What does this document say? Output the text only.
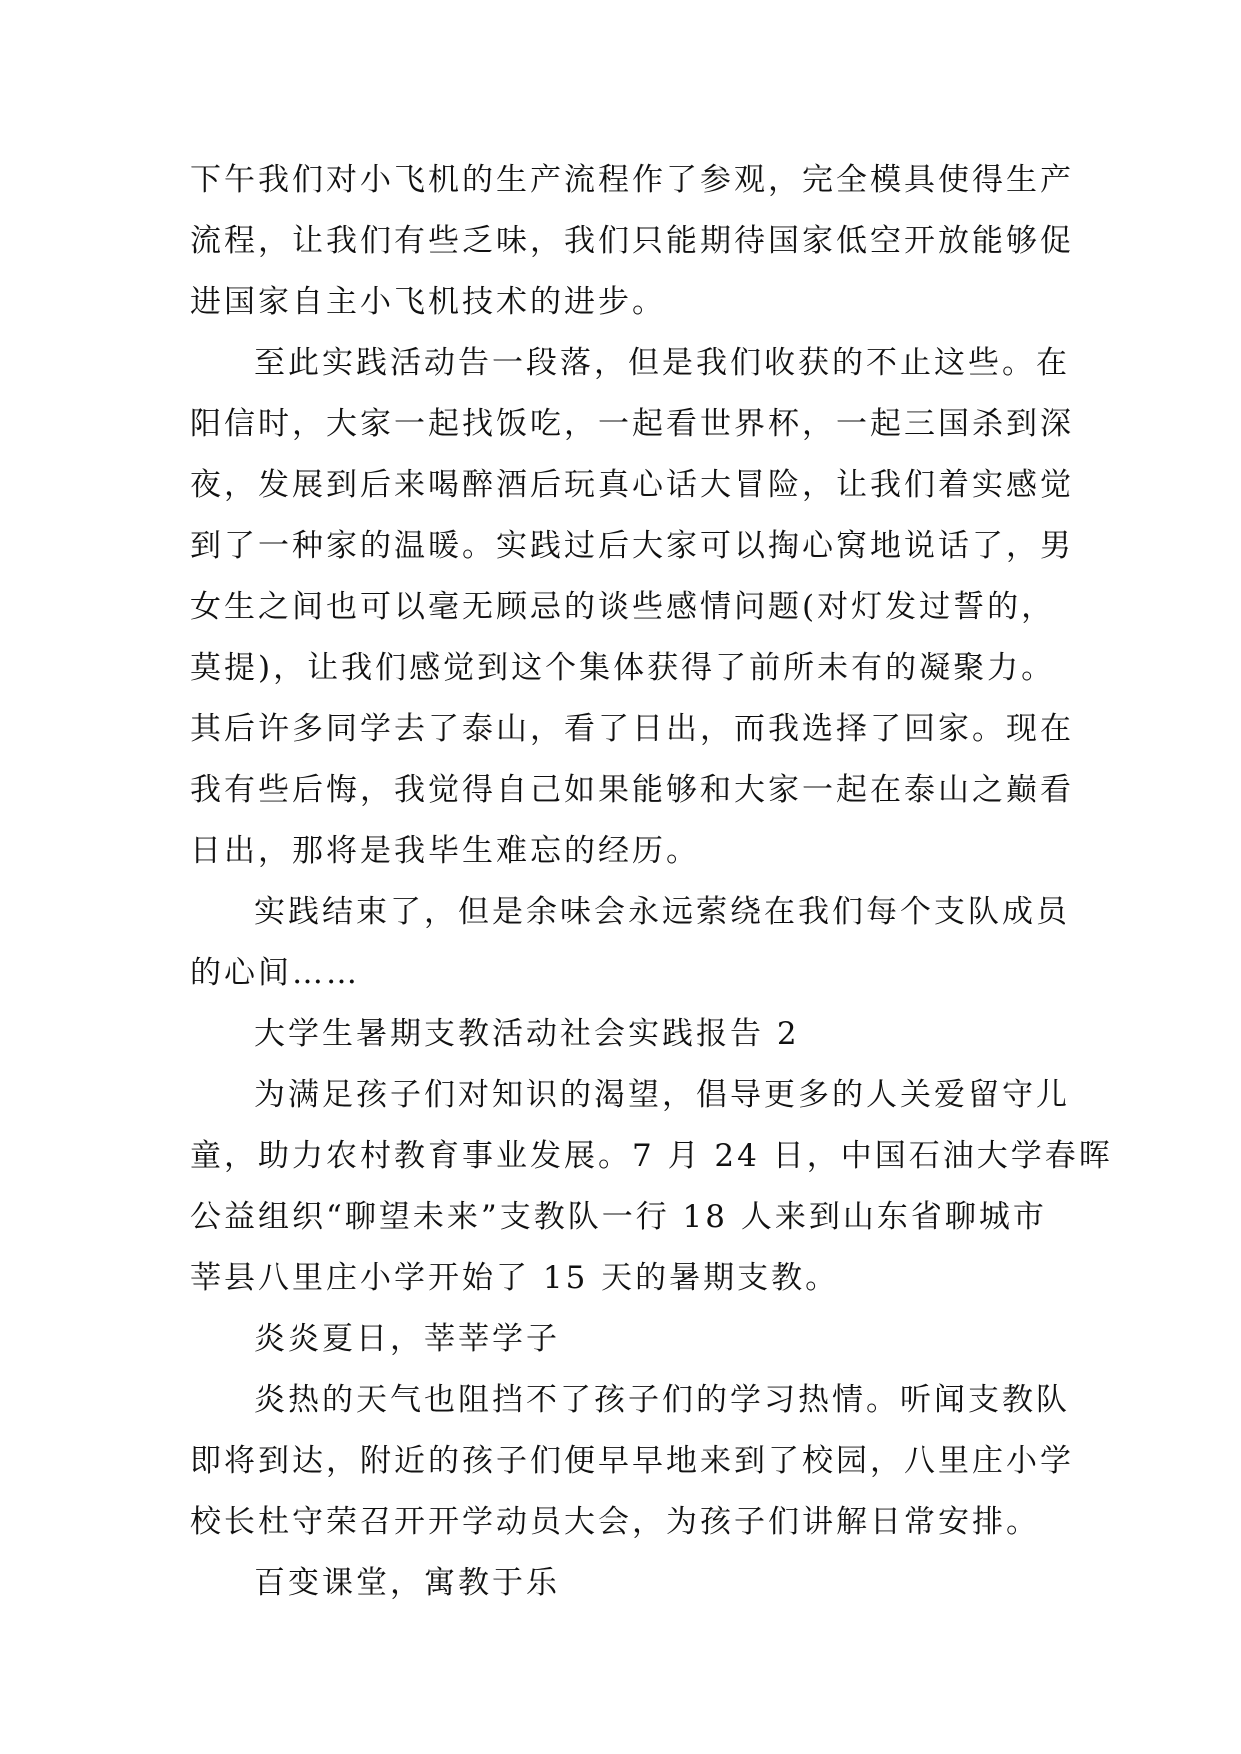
下午我们对小飞机的生产流程作了参观，完全模具使得生产
流程，让我们有些乏味，我们只能期待国家低空开放能够促
进国家自主小飞机技术的进步。
至此实践活动告一段落，但是我们收获的不止这些。在
阳信时，大家一起找饭吃，一起看世界杯，一起三国杀到深
夜，发展到后来喝醉酒后玩真心话大冒险，让我们着实感觉
到了一种家的温暖。实践过后大家可以掏心窝地说话了，男
女生之间也可以毫无顾忌的谈些感情问题(对灯发过誓的，
莫提)，让我们感觉到这个集体获得了前所未有的凝聚力。
其后许多同学去了泰山，看了日出，而我选择了回家。现在
我有些后悔，我觉得自己如果能够和大家一起在泰山之巅看
日出，那将是我毕生难忘的经历。
实践结束了，但是余味会永远萦绕在我们每个支队成员
的心间……
大学生暑期支教活动社会实践报告 2
为满足孩子们对知识的渴望，倡导更多的人关爱留守儿
童，助力农村教育事业发展。7 月 24 日，中国石油大学春晖
公益组织“聊望未来”支教队一行 18 人来到山东省聊城市
莘县八里庄小学开始了 15 天的暑期支教。
炎炎夏日，莘莘学子
炎热的天气也阻挡不了孩子们的学习热情。听闻支教队
即将到达，附近的孩子们便早早地来到了校园，八里庄小学
校长杜守荣召开开学动员大会，为孩子们讲解日常安排。
百变课堂，寓教于乐
